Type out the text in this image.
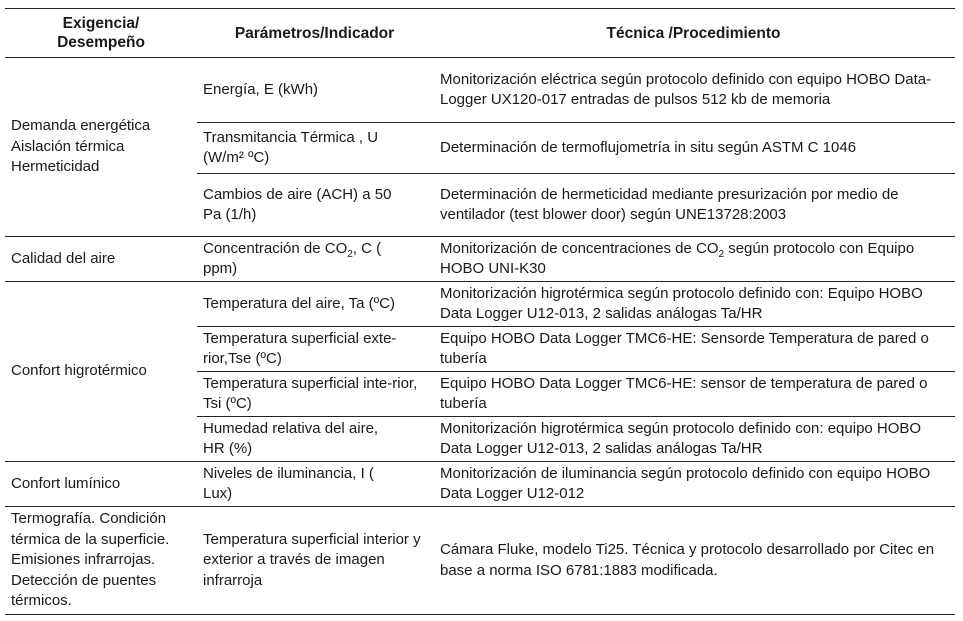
Exigencia/ Desempeño	Parámetros/Indicador	Técnica /Procedimiento
Demanda energética Aislación térmica Hermeticidad	Energía, E (kWh)	Monitorización eléctrica según protocolo definido con equipo HOBO Data-Logger UX120-017 entradas de pulsos 512 kb de memoria
	Transmitancia Térmica , U (W/m² ºC)	Determinación de termoflujometría in situ según ASTM C 1046
	Cambios de aire (ACH) a 50 Pa (1/h)	Determinación de hermeticidad mediante presurización por medio de ventilador (test blower door) según UNE13728:2003
Calidad del aire	Concentración de $CO_2$, C ( ppm)	Monitorización de concentraciones de $CO_2$ según protocolo con Equipo HOBO UNI-K30
Confort higrotérmico	Temperatura del aire, Ta (ºC)	Monitorización higrotérmica según protocolo definido con: Equipo HOBO Data Logger U12-013, 2 salidas análogas Ta/HR
	Temperatura superficial exte-rior,Tse (ºC)	Equipo HOBO Data Logger TMC6-HE: Sensorde Temperatura de pared o tubería
	Temperatura superficial inte-rior, Tsi (ºC)	Equipo HOBO Data Logger TMC6-HE: sensor de temperatura de pared o tubería
	Humedad relativa del aire, HR (%)	Monitorización higrotérmica según protocolo definido con: equipo HOBO Data Logger U12-013, 2 salidas análogas Ta/HR
Confort lumínico	Niveles de iluminancia, I ( Lux)	Monitorización de iluminancia según protocolo definido con equipo HOBO Data Logger U12-012
Termografía. Condición térmica de la superficie. Emisiones infrarrojas. Detección de puentes térmicos.	Temperatura superficial interior y exterior a través de imagen infrarroja	Cámara Fluke, modelo Ti25. Técnica y protocolo desarrollado por Citec en base a norma ISO 6781:1883 modificada.
